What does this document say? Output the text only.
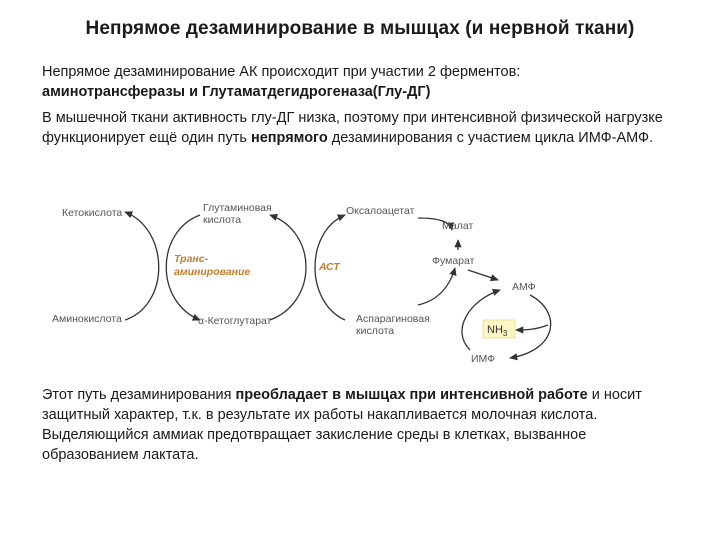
Непрямое дезаминирование в мышцах (и нервной ткани)
Непрямое дезаминирование АК происходит при участии 2 ферментов:
аминотрансферазы и Глутаматдегидрогеназа(Глу-ДГ)
В мышечной ткани активность глу-ДГ низка, поэтому при интенсивной физической нагрузке функционирует ещё один путь непрямого дезаминирования с участием цикла ИМФ-АМФ.
$NH_3$
Кетокислота
Аминокислота
Глутаминовая
кислота
α-Кетоглутарат
Транс-
аминирование	АСТ
Оксалоацетат
Малат
Фумарат
Аспарагиновая
кислота
АМФ
ИМФ
Этот путь дезаминирования преобладает в мышцах при интенсивной работе и носит защитный характер, т.к. в результате их работы накапливается молочная кислота. Выделяющийся аммиак предотвращает закисление среды в клетках, вызванное образованием лактата.
